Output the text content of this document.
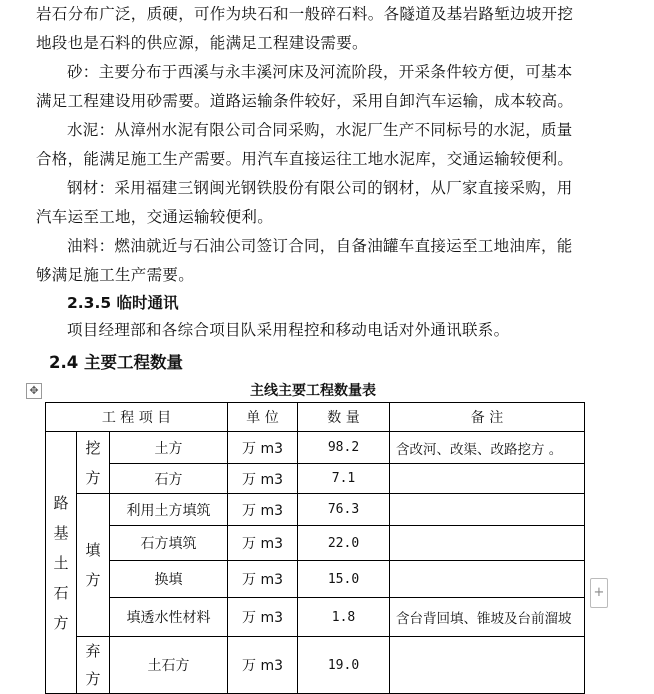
岩石分布广泛，质硬，可作为块石和一般碎石料。各隧道及基岩路堑边坡开挖
地段也是石料的供应源，能满足工程建设需要。
砂：主要分布于西溪与永丰溪河床及河流阶段，开采条件较方便，可基本
满足工程建设用砂需要。道路运输条件较好，采用自卸汽车运输，成本较高。
水泥：从漳州水泥有限公司合同采购，水泥厂生产不同标号的水泥，质量
合格，能满足施工生产需要。用汽车直接运往工地水泥库，交通运输较便利。
钢材：采用福建三钢闽光钢铁股份有限公司的钢材，从厂家直接采购，用
汽车运至工地，交通运输较便利。
油料：燃油就近与石油公司签订合同，自备油罐车直接运至工地油库，能
够满足施工生产需要。
2.3.5 临时通讯
项目经理部和各综合项目队采用程控和移动电话对外通讯联系。
2.4 主要工程数量
✥	主线主要工程数量表
工 程 项 目			单 位	数 量	备 注
路基土石方	挖方	土方	万 m3	98.2	含改河、改渠、改路挖方 。
		石方	万 m3	7.1	
	填方	利用土方填筑	万 m3	76.3	
		石方填筑	万 m3	22.0	
		换填	万 m3	15.0	
		填透水性材料	万 m3	1.8	含台背回填、锥坡及台前溜坡
	弃方	土石方	万 m3	19.0	
+
